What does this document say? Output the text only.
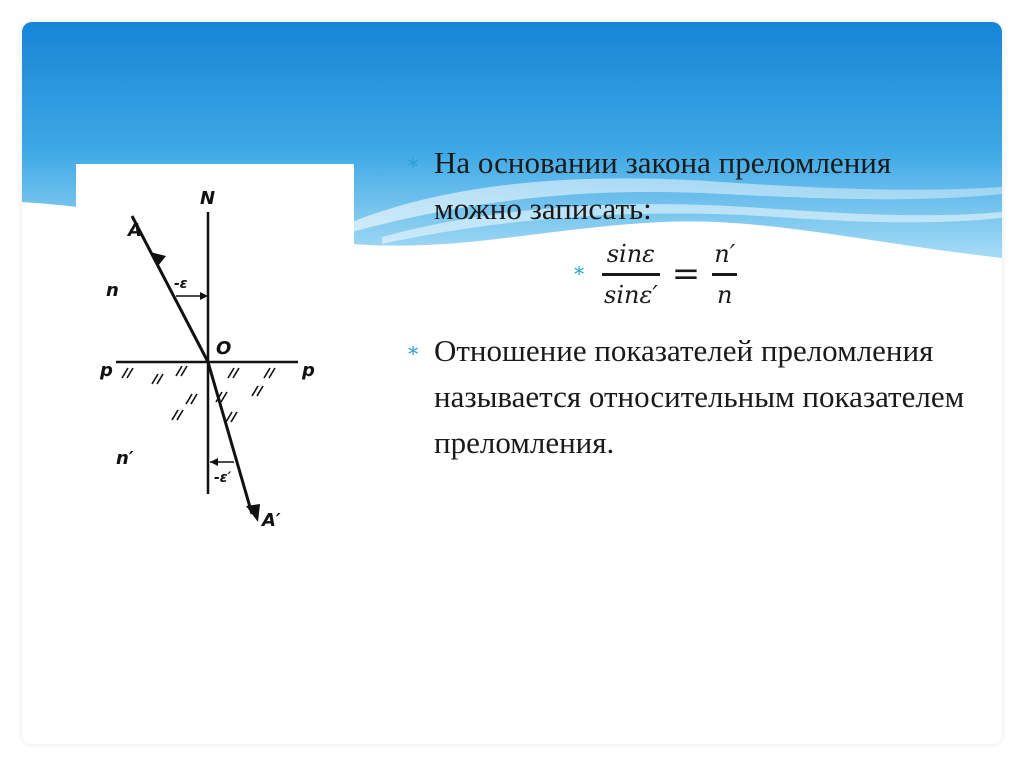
A
N
n	-ε
O
p	p
n′
-ε′
A′
∗ На основании закона преломления можно записать:
∗ $\frac{\sin\varepsilon}{\sin\varepsilon'} = \frac{n'}{n}$
∗ Отношение показателей преломления называется относительным показателем преломления.
